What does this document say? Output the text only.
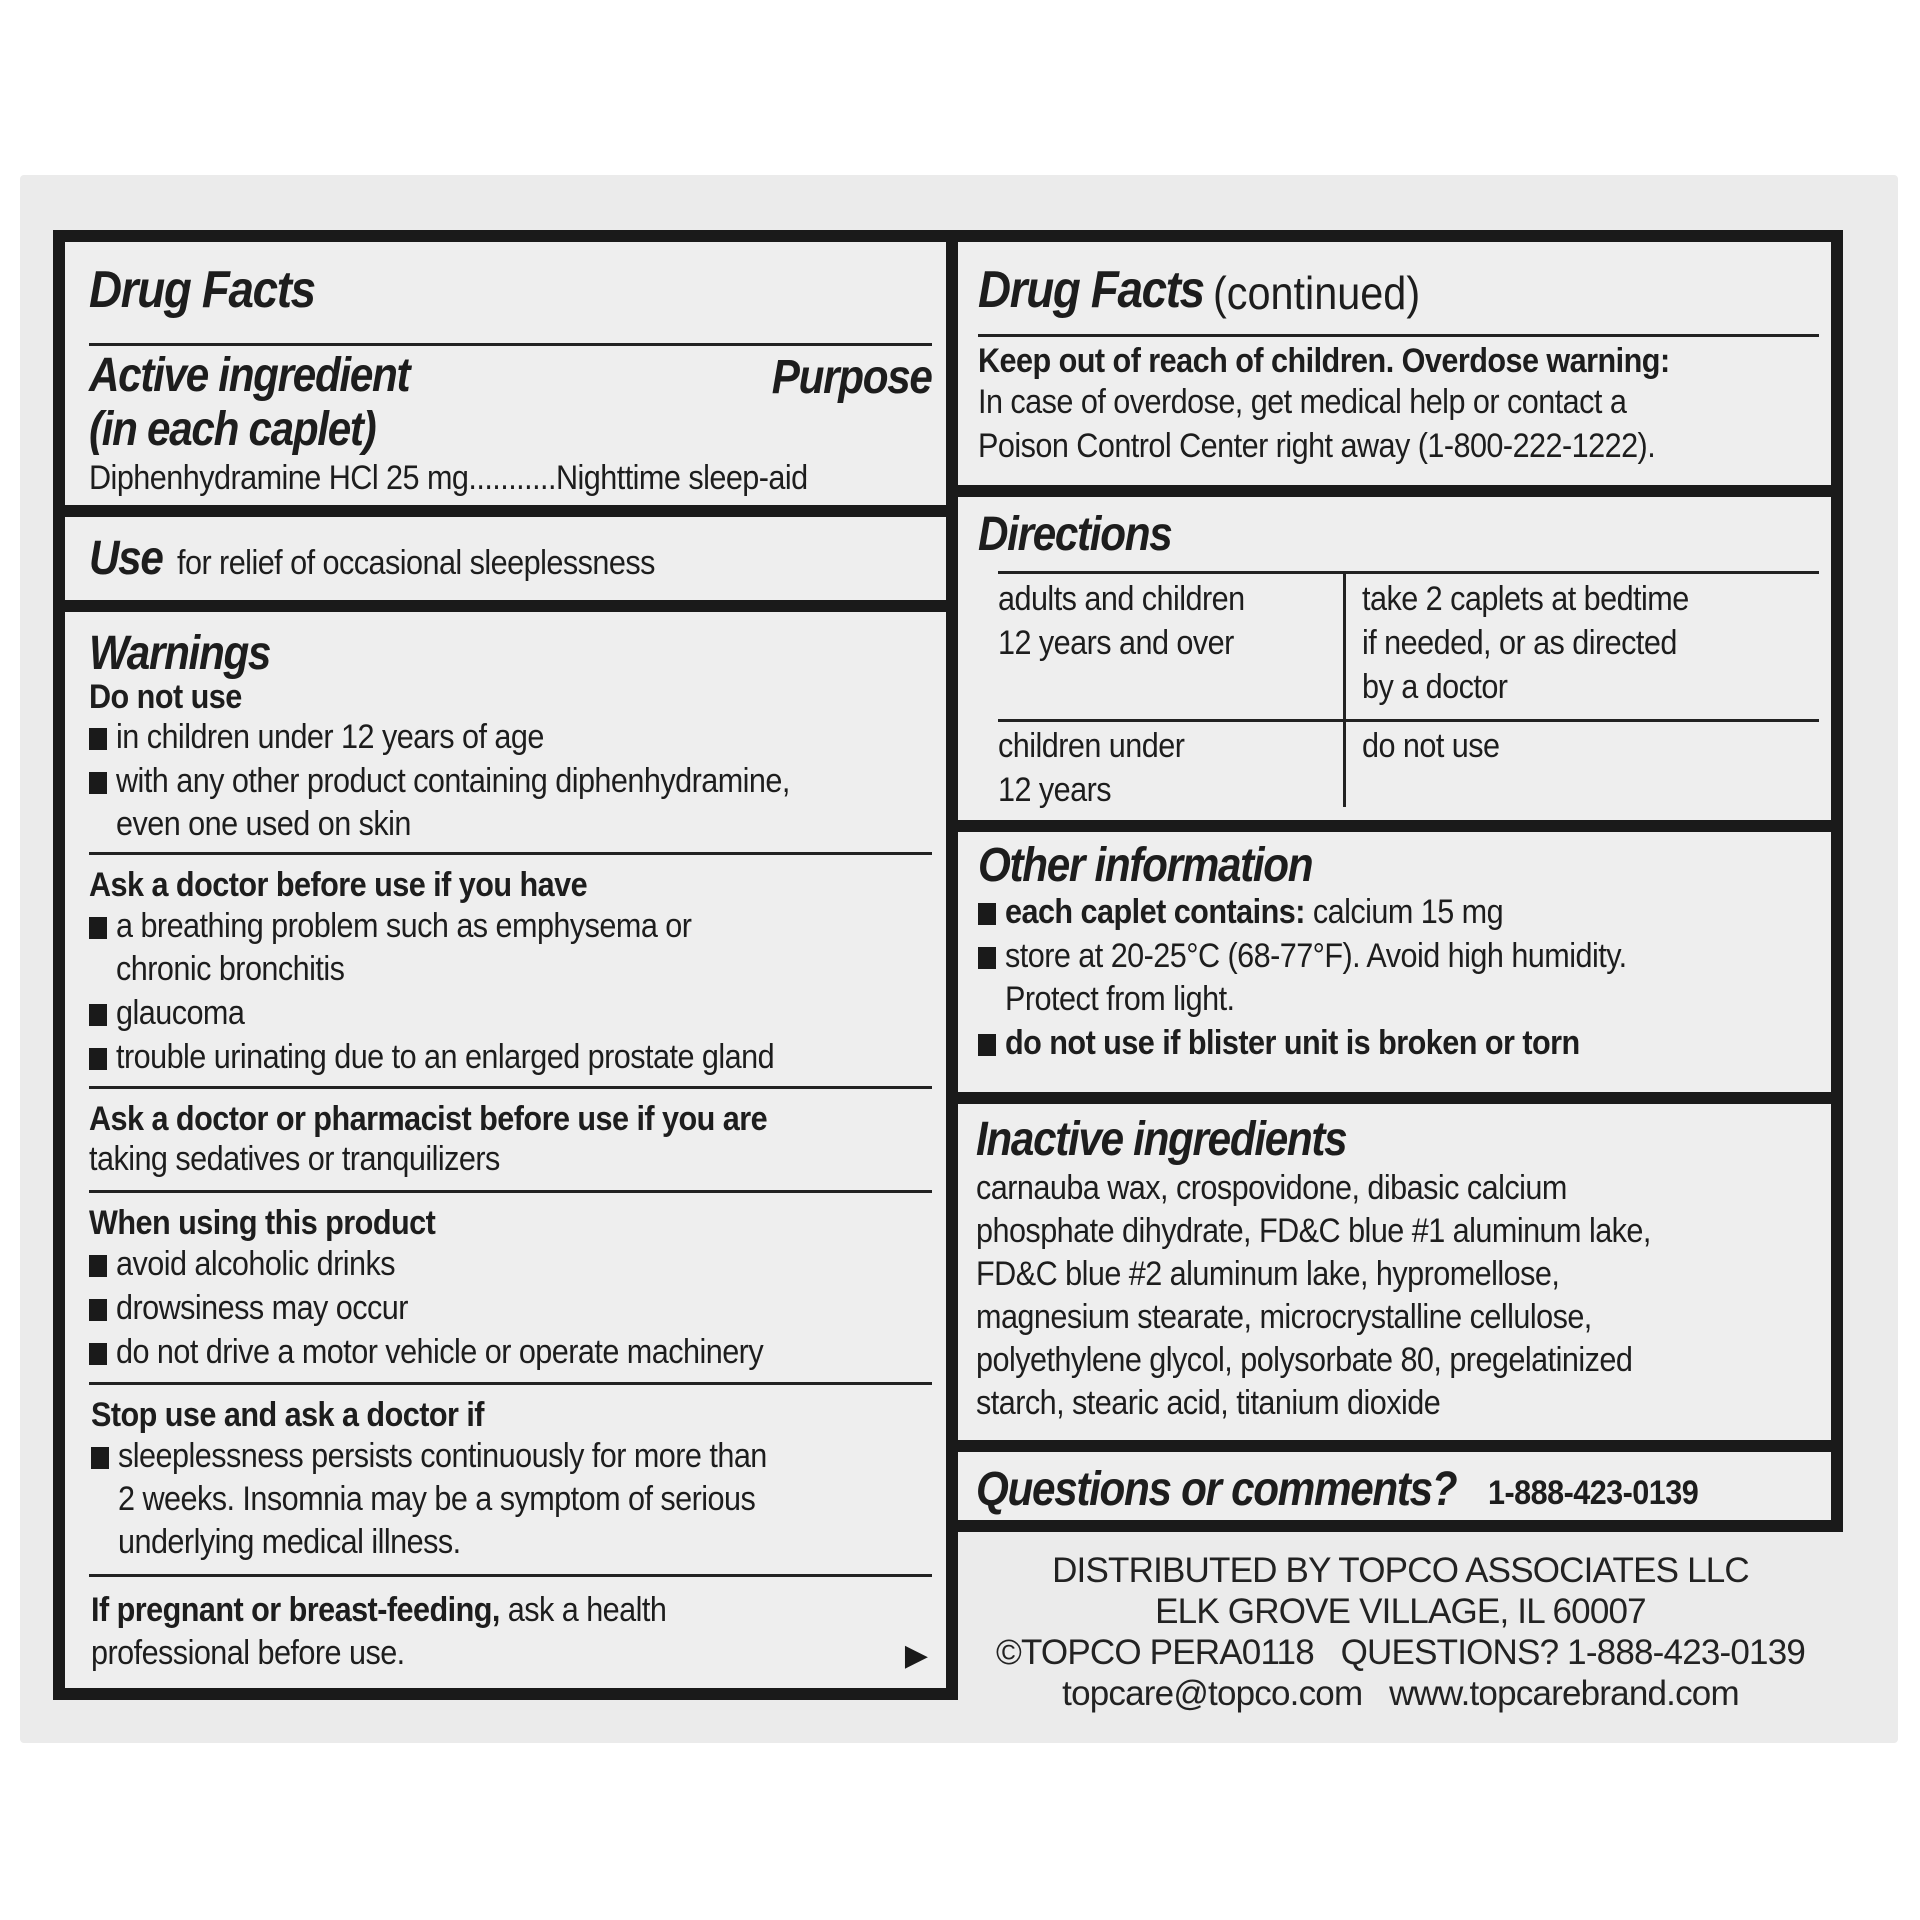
Drug Facts
Active ingredient
(in each caplet)
Purpose
Diphenhydramine HCl 25 mg...........Nighttime sleep-aid
Use for relief of occasional sleeplessness
Warnings
Do not use
in children under 12 years of age
with any other product containing diphenhydramine,
even one used on skin
Ask a doctor before use if you have
a breathing problem such as emphysema or
chronic bronchitis
glaucoma
trouble urinating due to an enlarged prostate gland
Ask a doctor or pharmacist before use if you are
taking sedatives or tranquilizers
When using this product
avoid alcoholic drinks
drowsiness may occur
do not drive a motor vehicle or operate machinery
Stop use and ask a doctor if
sleeplessness persists continuously for more than
2 weeks. Insomnia may be a symptom of serious
underlying medical illness.
If pregnant or breast-feeding, ask a health
professional before use.	▶
Drug Facts (continued)
Keep out of reach of children. Overdose warning:
In case of overdose, get medical help or contact a
Poison Control Center right away (1-800-222-1222).
Directions
adults and children
12 years and over
take 2 caplets at bedtime
if needed, or as directed
by a doctor
children under
12 years
do not use
Other information
each caplet contains: calcium 15 mg
store at 20-25°C (68-77°F). Avoid high humidity.
Protect from light.
do not use if blister unit is broken or torn
Inactive ingredients
carnauba wax, crospovidone, dibasic calcium
phosphate dihydrate, FD&C blue #1 aluminum lake,
FD&C blue #2 aluminum lake, hypromellose,
magnesium stearate, microcrystalline cellulose,
polyethylene glycol, polysorbate 80, pregelatinized
starch, stearic acid, titanium dioxide
Questions or comments? 1-888-423-0139
DISTRIBUTED BY TOPCO ASSOCIATES LLC
ELK GROVE VILLAGE, IL 60007
©TOPCO PERA0118   QUESTIONS? 1-888-423-0139
topcare@topco.com   www.topcarebrand.com
